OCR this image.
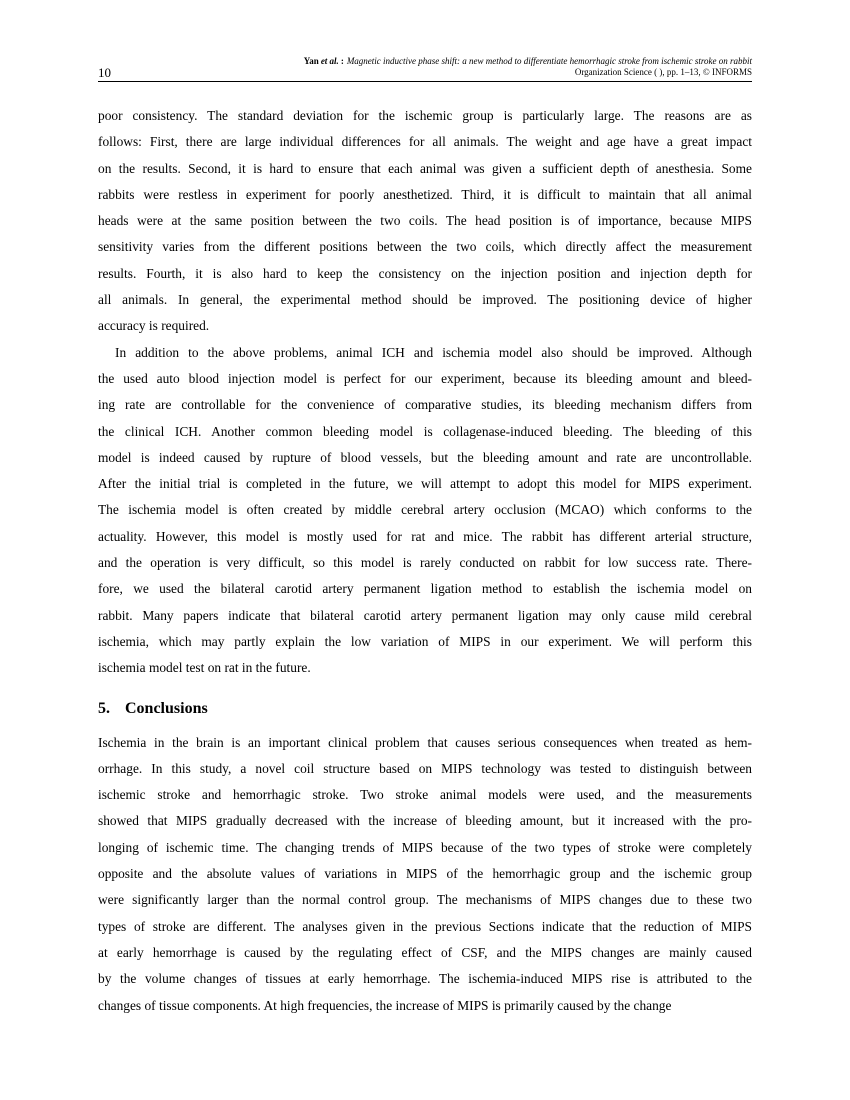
Yan et al. : Magnetic inductive phase shift: a new method to differentiate hemorrhagic stroke from ischemic stroke on rabbit
Organization Science ( ), pp. 1–13, © INFORMS
10
poor consistency. The standard deviation for the ischemic group is particularly large. The reasons are as
follows: First, there are large individual differences for all animals. The weight and age have a great impact
on the results. Second, it is hard to ensure that each animal was given a sufficient depth of anesthesia. Some
rabbits were restless in experiment for poorly anesthetized. Third, it is difficult to maintain that all animal
heads were at the same position between the two coils. The head position is of importance, because MIPS
sensitivity varies from the different positions between the two coils, which directly affect the measurement
results. Fourth, it is also hard to keep the consistency on the injection position and injection depth for
all animals. In general, the experimental method should be improved. The positioning device of higher
accuracy is required.
In addition to the above problems, animal ICH and ischemia model also should be improved. Although
the used auto blood injection model is perfect for our experiment, because its bleeding amount and bleed-
ing rate are controllable for the convenience of comparative studies, its bleeding mechanism differs from
the clinical ICH. Another common bleeding model is collagenase-induced bleeding. The bleeding of this
model is indeed caused by rupture of blood vessels, but the bleeding amount and rate are uncontrollable.
After the initial trial is completed in the future, we will attempt to adopt this model for MIPS experiment.
The ischemia model is often created by middle cerebral artery occlusion (MCAO) which conforms to the
actuality. However, this model is mostly used for rat and mice. The rabbit has different arterial structure,
and the operation is very difficult, so this model is rarely conducted on rabbit for low success rate. There-
fore, we used the bilateral carotid artery permanent ligation method to establish the ischemia model on
rabbit. Many papers indicate that bilateral carotid artery permanent ligation may only cause mild cerebral
ischemia, which may partly explain the low variation of MIPS in our experiment. We will perform this
ischemia model test on rat in the future.
5. Conclusions
Ischemia in the brain is an important clinical problem that causes serious consequences when treated as hem-
orrhage. In this study, a novel coil structure based on MIPS technology was tested to distinguish between
ischemic stroke and hemorrhagic stroke. Two stroke animal models were used, and the measurements
showed that MIPS gradually decreased with the increase of bleeding amount, but it increased with the pro-
longing of ischemic time. The changing trends of MIPS because of the two types of stroke were completely
opposite and the absolute values of variations in MIPS of the hemorrhagic group and the ischemic group
were significantly larger than the normal control group. The mechanisms of MIPS changes due to these two
types of stroke are different. The analyses given in the previous Sections indicate that the reduction of MIPS
at early hemorrhage is caused by the regulating effect of CSF, and the MIPS changes are mainly caused
by the volume changes of tissues at early hemorrhage. The ischemia-induced MIPS rise is attributed to the
changes of tissue components. At high frequencies, the increase of MIPS is primarily caused by the change
